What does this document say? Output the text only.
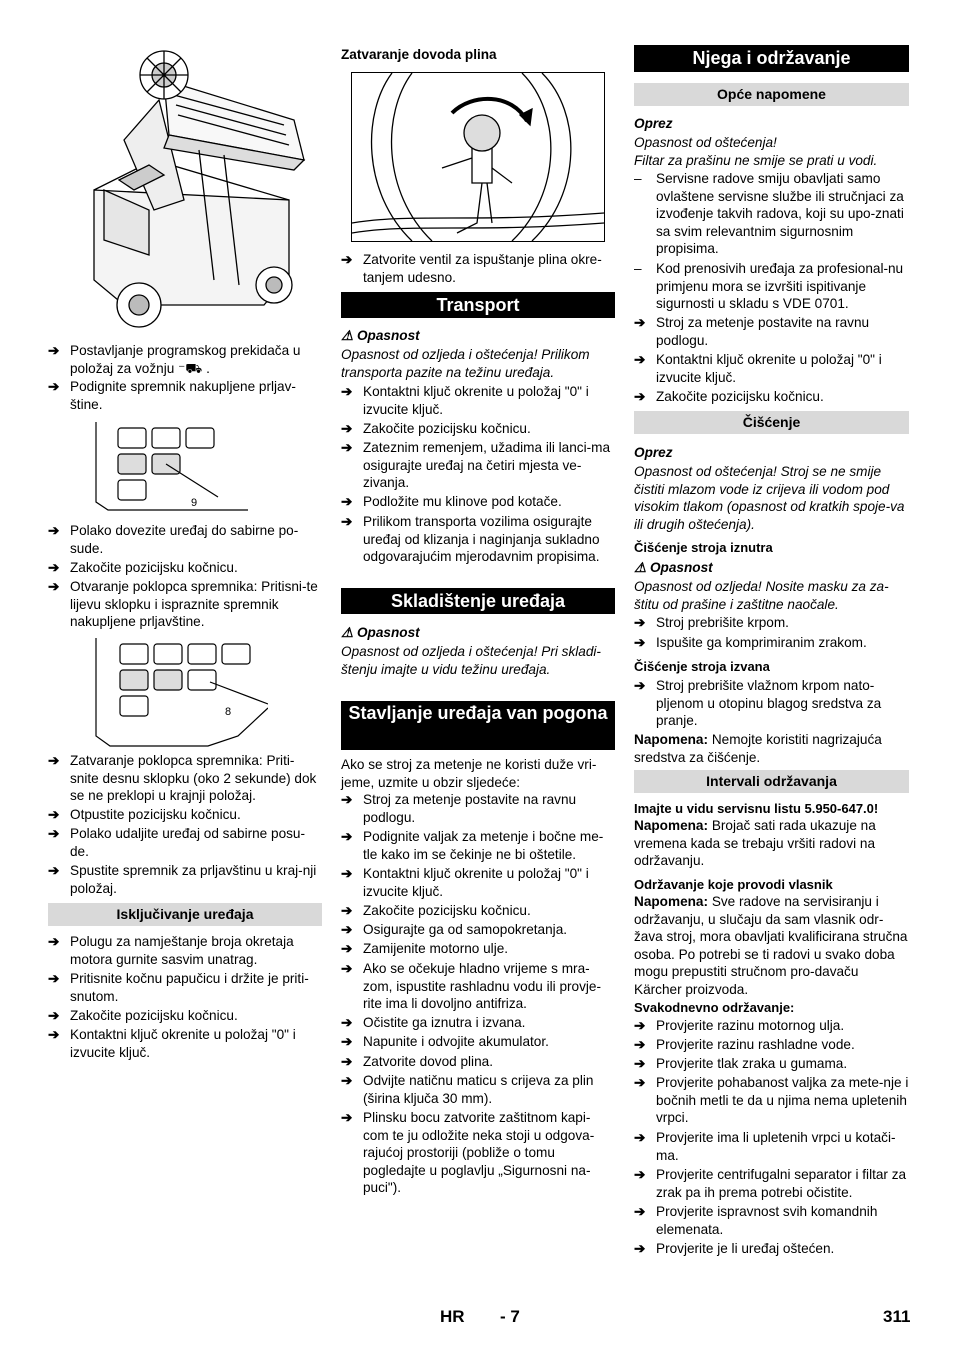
➔ Postavljanje programskog prekidača u položaj za vožnju ⁻⛟ .
➔ Podignite spremnik nakupljene prljav-štine.
9
➔ Polako dovezite uređaj do sabirne po-sude.
➔ Zakočite pozicijsku kočnicu.
➔ Otvaranje poklopca spremnika: Pritisni-te lijevu sklopku i ispraznite spremnik nakupljene prljavštine.
8
➔ Zatvaranje poklopca spremnika: Priti-snite desnu sklopku (oko 2 sekunde) dok se ne preklopi u krajnji položaj.
➔ Otpustite pozicijsku kočnicu.
➔ Polako udaljite uređaj od sabirne posu-de.
➔ Spustite spremnik za prljavštinu u kraj-nji položaj.
Isključivanje uređaja
➔ Polugu za namještanje broja okretaja motora gurnite sasvim unatrag.
➔ Pritisnite kočnu papučicu i držite je priti-snutom.
➔ Zakočite pozicijsku kočnicu.
➔ Kontaktni ključ okrenite u položaj "0" i izvucite ključ.
Zatvaranje dovoda plina
➔ Zatvorite ventil za ispuštanje plina okre-tanjem udesno.
Transport
⚠ Opasnost
Opasnost od ozljeda i oštećenja! Prilikom transporta pazite na težinu uređaja.
➔ Kontaktni ključ okrenite u položaj "0" i izvucite ključ.
➔ Zakočite pozicijsku kočnicu.
➔ Zateznim remenjem, užadima ili lanci-ma osigurajte uređaj na četiri mjesta ve-zivanja.
➔ Podložite mu klinove pod kotače.
➔ Prilikom transporta vozilima osigurajte uređaj od klizanja i naginjanja sukladno odgovarajućim mjerodavnim propisima.
Skladištenje uređaja
⚠ Opasnost
Opasnost od ozljeda i oštećenja! Pri skladi-štenju imajte u vidu težinu uređaja.
Stavljanje uređaja van pogona
Ako se stroj za metenje ne koristi duže vri-jeme, uzmite u obzir sljedeće:
➔ Stroj za metenje postavite na ravnu podlogu.
➔ Podignite valjak za metenje i bočne me-tle kako im se čekinje ne bi oštetile.
➔ Kontaktni ključ okrenite u položaj "0" i izvucite ključ.
➔ Zakočite pozicijsku kočnicu.
➔ Osigurajte ga od samopokretanja.
➔ Zamijenite motorno ulje.
➔ Ako se očekuje hladno vrijeme s mra-zom, ispustite rashladnu vodu ili provje-rite ima li dovoljno antifriza.
➔ Očistite ga iznutra i izvana.
➔ Napunite i odvojite akumulator.
➔ Zatvorite dovod plina.
➔ Odvijte natičnu maticu s crijeva za plin (širina ključa 30 mm).
➔ Plinsku bocu zatvorite zaštitnom kapi-com te ju odložite neka stoji u odgova-rajućoj prostoriji (pobliže o tomu pogledajte u poglavlju „Sigurnosni na-puci").
Njega i održavanje
Opće napomene
Oprez
Opasnost od oštećenja!
Filtar za prašinu ne smije se prati u vodi.
– Servisne radove smiju obavljati samo ovlaštene servisne službe ili stručnjaci za izvođenje takvih radova, koji su upo-znati sa svim relevantnim sigurnosnim propisima.
– Kod prenosivih uređaja za profesional-nu primjenu mora se izvršiti ispitivanje sigurnosti u skladu s VDE 0701.
➔ Stroj za metenje postavite na ravnu podlogu.
➔ Kontaktni ključ okrenite u položaj "0" i izvucite ključ.
➔ Zakočite pozicijsku kočnicu.
Čišćenje
Oprez
Opasnost od oštećenja! Stroj se ne smije čistiti mlazom vode iz crijeva ili vodom pod visokim tlakom (opasnost od kratkih spoje-va ili drugih oštećenja).
Čišćenje stroja iznutra
⚠ Opasnost
Opasnost od ozljeda! Nosite masku za za-štitu od prašine i zaštitne naočale.
➔ Stroj prebrišite krpom.
➔ Ispušite ga komprimiranim zrakom.
Čišćenje stroja izvana
➔ Stroj prebrišite vlažnom krpom nato-pljenom u otopinu blagog sredstva za pranje.
Napomena: Nemojte koristiti nagrizajuća sredstva za čišćenje.
Intervali održavanja
Imajte u vidu servisnu listu 5.950-647.0!
Napomena: Brojač sati rada ukazuje na vremena kada se trebaju vršiti radovi na održavanju.
Održavanje koje provodi vlasnik
Napomena: Sve radove na servisiranju i održavanju, u slučaju da sam vlasnik odr-žava stroj, mora obavljati kvalificirana stručna osoba. Po potrebi se ti radovi u svako doba mogu prepustiti stručnom pro-davaču Kärcher proizvoda.
Svakodnevno održavanje:
➔ Provjerite razinu motornog ulja.
➔ Provjerite razinu rashladne vode.
➔ Provjerite tlak zraka u gumama.
➔ Provjerite pohabanost valjka za mete-nje i bočnih metli te da u njima nema upletenih vrpci.
➔ Provjerite ima li upletenih vrpci u kotači-ma.
➔ Provjerite centrifugalni separator i filtar za zrak pa ih prema potrebi očistite.
➔ Provjerite ispravnost svih komandnih elemenata.
➔ Provjerite je li uređaj oštećen.
HR - 7	311
